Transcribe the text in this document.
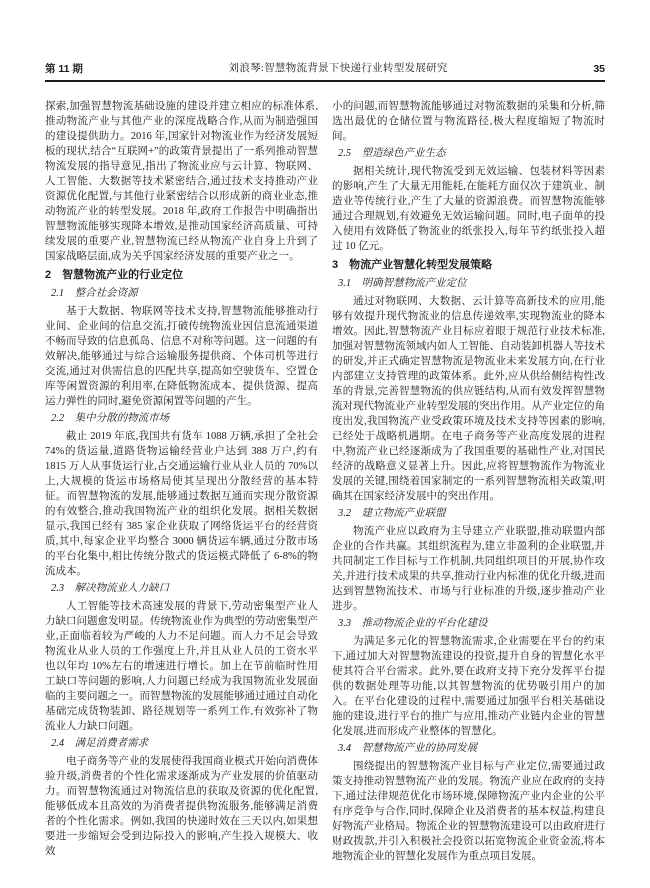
第 11 期	刘浪琴:智慧物流背景下快递行业转型发展研究	35

探索,加强智慧物流基础设施的建设并建立相应的标准体系,推动物流产业与其他产业的深度战略合作,从而为制造强国的建设提供助力。2016 年,国家针对物流业作为经济发展短板的现状,结合“互联网+”的政策背景提出了一系列推动智慧物流发展的指导意见,指出了物流业应与云计算、物联网、人工智能、大数据等技术紧密结合,通过技术支持推动产业资源优化配置,与其他行业紧密结合以形成新的商业业态,推动物流产业的转型发展。2018 年,政府工作报告中明确指出智慧物流能够实现降本增效,是推动国家经济高质量、可持续发展的重要产业,智慧物流已经从物流产业自身上升到了国家战略层面,成为关乎国家经济发展的重要产业之一。

2　智慧物流产业的行业定位
2.1　整合社会资源

基于大数据、物联网等技术支持,智慧物流能够推动行业间、企业间的信息交流,打破传统物流业因信息流通渠道不畅而导致的信息孤岛、信息不对称等问题。这一问题的有效解决,能够通过与综合运输服务提供商、个体司机等进行交流,通过对供需信息的匹配共享,提高如空驶货车、空置仓库等闲置资源的利用率,在降低物流成本、提供货源、提高运力弹性的同时,避免资源闲置等问题的产生。

2.2　集中分散的物流市场

截止 2019 年底,我国共有货车 1088 万辆,承担了全社会 74%的货运量,道路货物运输经营业户达到 388 万户,约有 1815 万人从事货运行业,占交通运输行业从业人员的 70%以上,大规模的货运市场格局使其呈现出分散经营的基本特征。而智慧物流的发展,能够通过数据互通而实现分散资源的有效整合,推动我国物流产业的组织化发展。据相关数据显示,我国已经有 385 家企业获取了网络货运平台的经营资质,其中,每家企业平均整合 3000 辆货运车辆,通过分散市场的平台化集中,相比传统分散式的货运模式降低了 6-8%的物流成本。

2.3　解决物流业人力缺口

人工智能等技术高速发展的背景下,劳动密集型产业人力缺口问题愈发明显。传统物流业作为典型的劳动密集型产业,正面临着较为严峻的人力不足问题。而人力不足会导致物流业从业人员的工作强度上升,并且从业人员的工资水平也以年均 10%左右的增速进行增长。加上在节前临时性用工缺口等问题的影响,人力问题已经成为我国物流业发展面临的主要问题之一。而智慧物流的发展能够通过通过自动化基础完成货物装卸、路径规划等一系列工作,有效弥补了物流业人力缺口问题。

2.4　满足消费者需求

电子商务等产业的发展使得我国商业模式开始向消费体验升级,消费者的个性化需求逐渐成为产业发展的价值驱动力。而智慧物流通过对物流信息的获取及资源的优化配置,能够低成本且高效的为消费者提供物流服务,能够满足消费者的个性化需求。例如,我国的快递时效在三天以内,如果想要进一步缩短会受到边际投入的影响,产生投入规模大、收效

小的问题,而智慧物流能够通过对物流数据的采集和分析,筛选出最优的仓储位置与物流路径,极大程度缩短了物流时间。

2.5　塑造绿色产业生态

据相关统计,现代物流受到无效运输、包装材料等因素的影响,产生了大量无用能耗,在能耗方面仅次于建筑业、制造业等传统行业,产生了大量的资源浪费。而智慧物流能够通过合理规划,有效避免无效运输问题。同时,电子面单的投入使用有效降低了物流业的纸张投入,每年节约纸张投入超过 10 亿元。

3　物流产业智慧化转型发展策略
3.1　明确智慧物流产业定位

通过对物联网、大数据、云计算等高新技术的应用,能够有效提升现代物流业的信息传递效率,实现物流业的降本增效。因此,智慧物流产业目标应着眼于规范行业技术标准,加强对智慧物流领域内如人工智能、自动装卸机器人等技术的研发,并正式确定智慧物流是物流业未来发展方向,在行业内部建立支持管理的政策体系。此外,应从供给侧结构性改革的背景,完善智慧物流的供应链结构,从而有效发挥智慧物流对现代物流业产业转型发展的突出作用。从产业定位的角度出发,我国物流产业受政策环境及技术支持等因素的影响,已经处于战略机遇期。在电子商务等产业高度发展的进程中,物流产业已经逐渐成为了我国重要的基础性产业,对国民经济的战略意义显著上升。因此,应将智慧物流作为物流业发展的关键,围绕着国家制定的一系列智慧物流相关政策,明确其在国家经济发展中的突出作用。

3.2　建立物流产业联盟

物流产业应以政府为主导建立产业联盟,推动联盟内部企业的合作共赢。其组织流程为,建立非盈利的企业联盟,并共同制定工作目标与工作机制,共同组织项目的开展,协作攻关,并进行技术成果的共享,推动行业内标准的优化升级,进而达到智慧物流技术、市场与行业标准的升级,逐步推动产业进步。

3.3　推动物流企业的平台化建设

为满足多元化的智慧物流需求,企业需要在平台的约束下,通过加大对智慧物流建设的投资,提升自身的智慧化水平使其符合平台需求。此外,要在政府支持下充分发挥平台提供的数据处理等功能,以其智慧物流的优势吸引用户的加入。在平台化建设的过程中,需要通过加强平台相关基础设施的建设,进行平台的推广与应用,推动产业链内企业的智慧化发展,进而形成产业整体的智慧化。

3.4　智慧物流产业的协同发展

围绕提出的智慧物流产业目标与产业定位,需要通过政策支持推动智慧物流产业的发展。物流产业应在政府的支持下,通过法律规范优化市场环境,保障物流产业内企业的公平有序竞争与合作,同时,保障企业及消费者的基本权益,构建良好物流产业格局。物流企业的智慧物流建设可以由政府进行财政拨款,并引入积极社会投资以拓宽物流企业资金流,将本地物流企业的智慧化发展作为重点项目发展。
